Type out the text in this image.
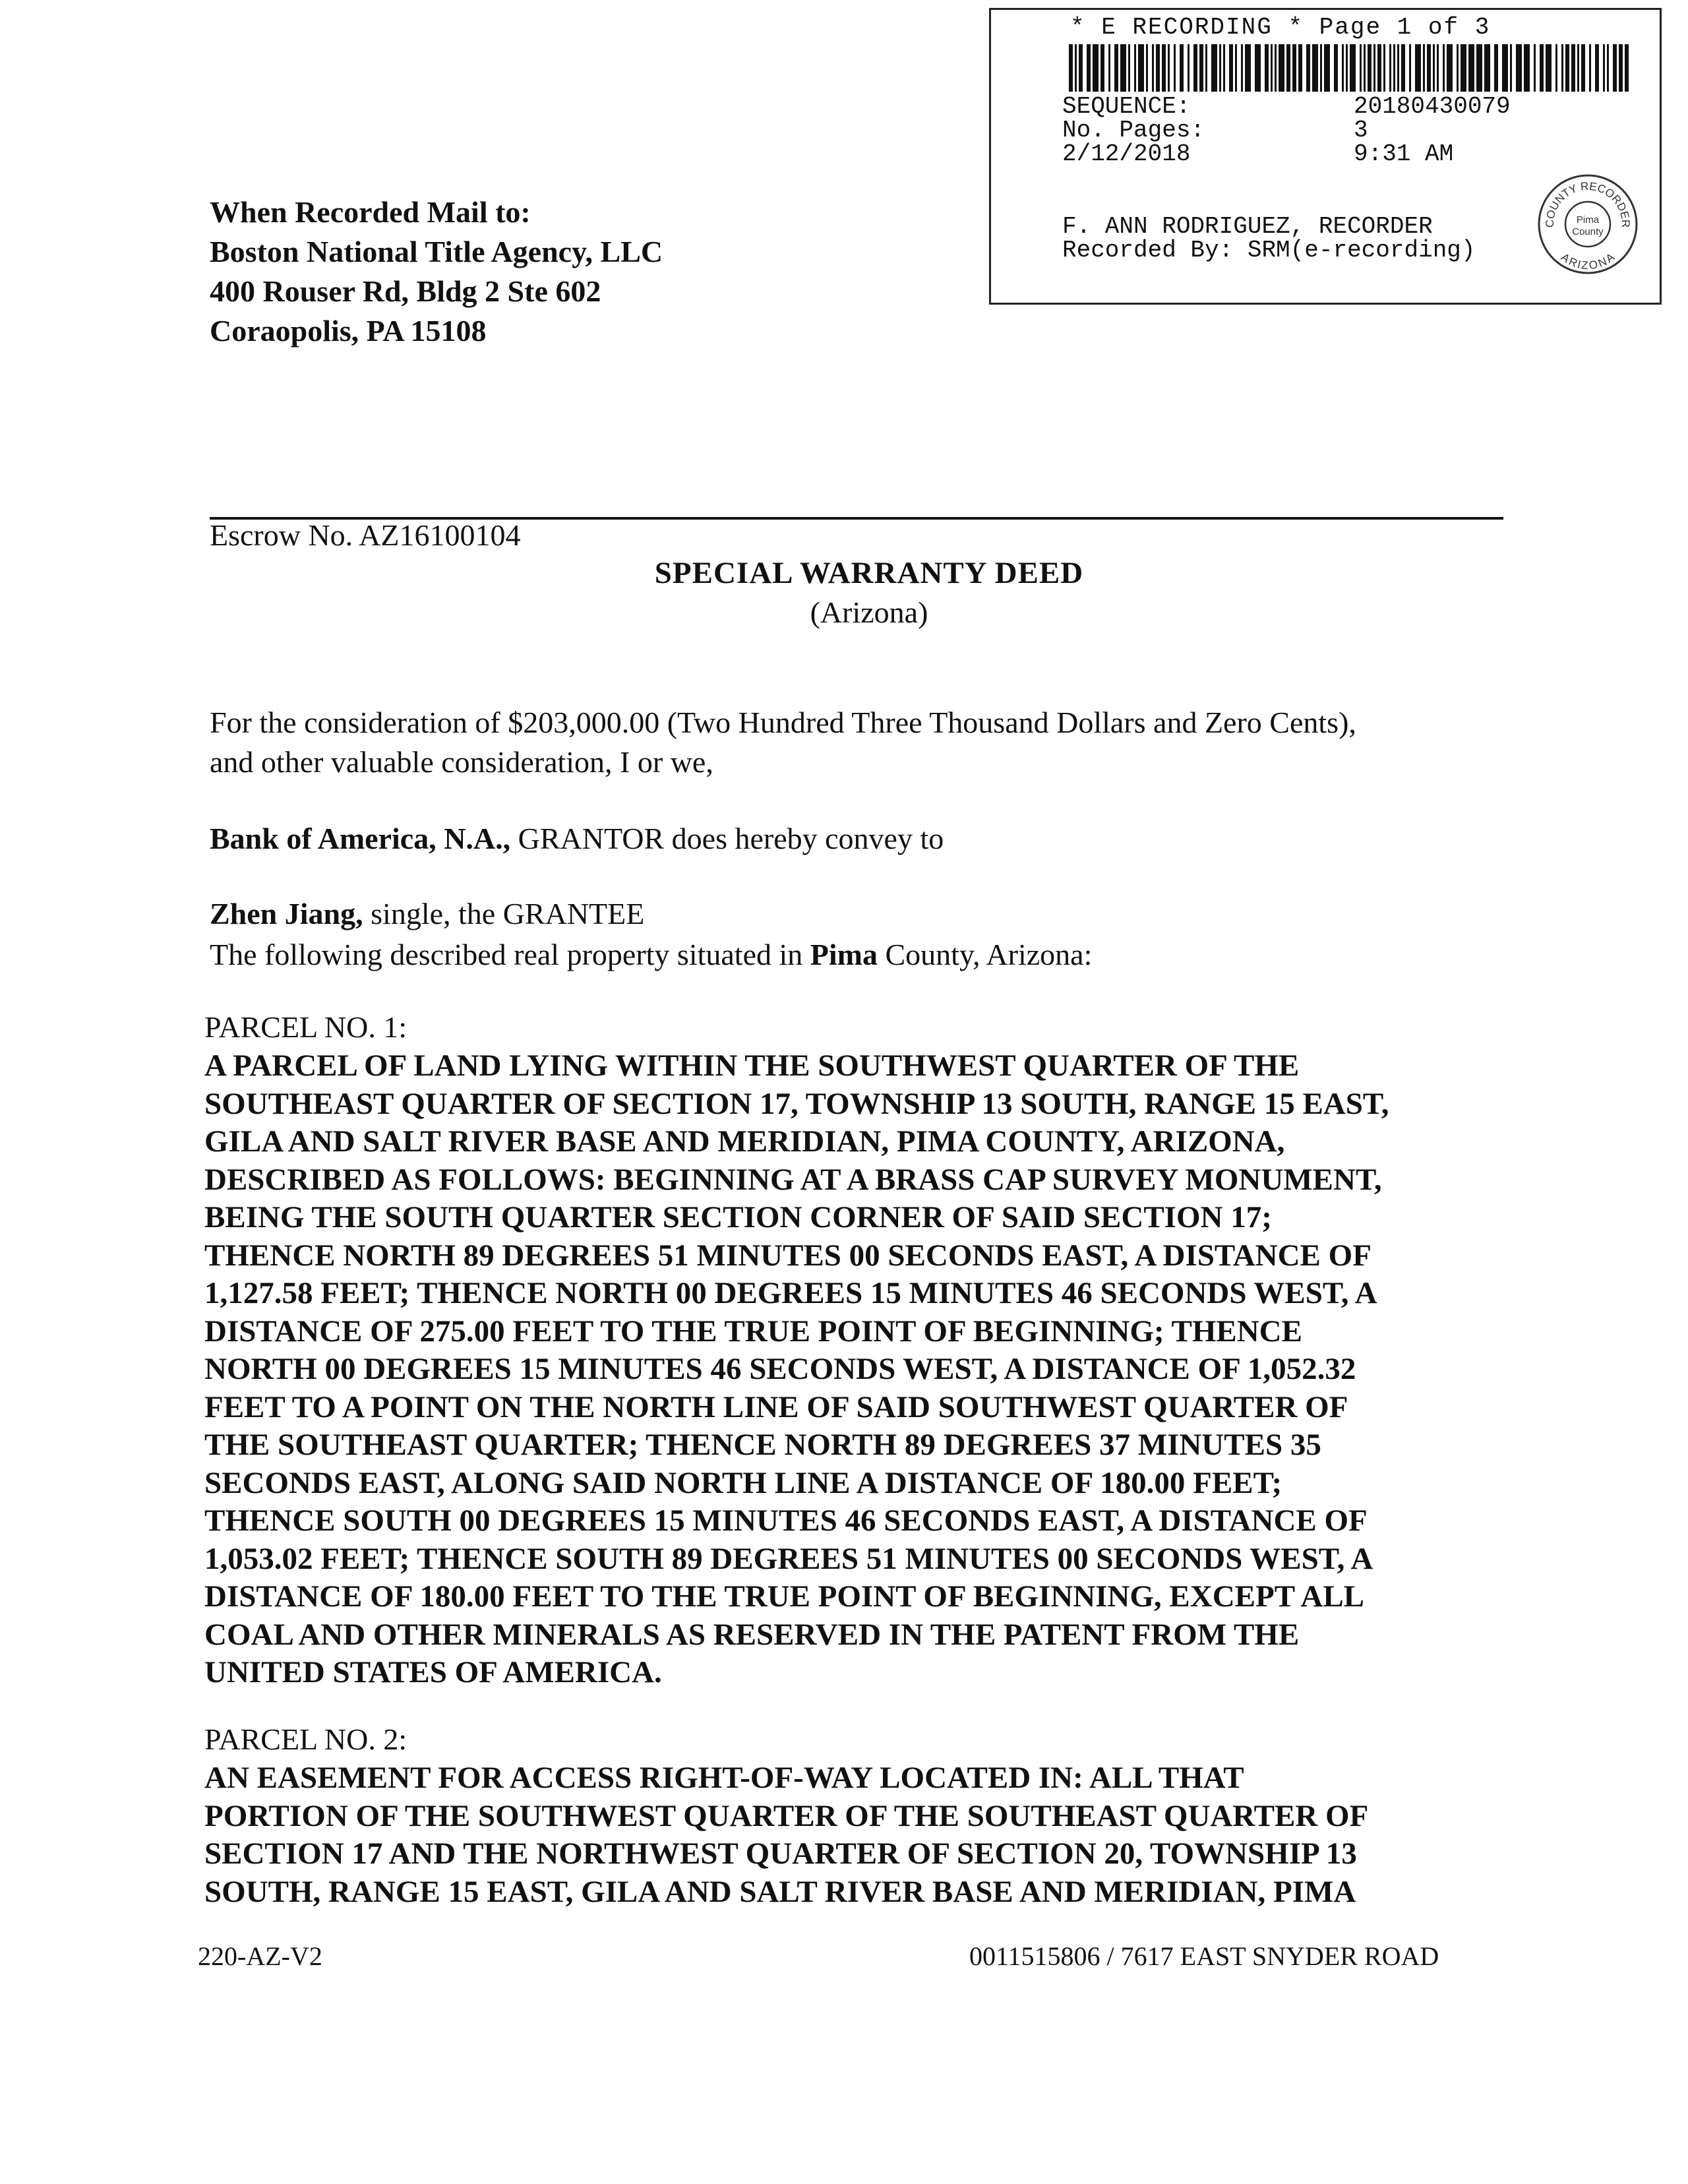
* E RECORDING * Page 1 of 3
SEQUENCE:	20180430079
No. Pages:	3
2/12/2018	9:31 AM
F. ANN RODRIGUEZ, RECORDER
Recorded By: SRM(e-recording)
COUNTY RECORDER
ARIZONA
Pima
County
When Recorded Mail to:
Boston National Title Agency, LLC
400 Rouser Rd, Bldg 2 Ste 602
Coraopolis, PA 15108
Escrow No. AZ16100104
SPECIAL WARRANTY DEED
(Arizona)

For the consideration of $203,000.00 (Two Hundred Three Thousand Dollars and Zero Cents),

and other valuable consideration, I or we,

Bank of America, N.A., GRANTOR does hereby convey to
Zhen Jiang, single, the GRANTEE
The following described real property situated in Pima County, Arizona:
PARCEL NO. 1:
A PARCEL OF LAND LYING WITHIN THE SOUTHWEST QUARTER OF THE
SOUTHEAST QUARTER OF SECTION 17, TOWNSHIP 13 SOUTH, RANGE 15 EAST,
GILA AND SALT RIVER BASE AND MERIDIAN, PIMA COUNTY, ARIZONA,
DESCRIBED AS FOLLOWS: BEGINNING AT A BRASS CAP SURVEY MONUMENT,
BEING THE SOUTH QUARTER SECTION CORNER OF SAID SECTION 17;
THENCE NORTH 89 DEGREES 51 MINUTES 00 SECONDS EAST, A DISTANCE OF
1,127.58 FEET; THENCE NORTH 00 DEGREES 15 MINUTES 46 SECONDS WEST, A
DISTANCE OF 275.00 FEET TO THE TRUE POINT OF BEGINNING; THENCE
NORTH 00 DEGREES 15 MINUTES 46 SECONDS WEST, A DISTANCE OF 1,052.32
FEET TO A POINT ON THE NORTH LINE OF SAID SOUTHWEST QUARTER OF
THE SOUTHEAST QUARTER; THENCE NORTH 89 DEGREES 37 MINUTES 35
SECONDS EAST, ALONG SAID NORTH LINE A DISTANCE OF 180.00 FEET;
THENCE SOUTH 00 DEGREES 15 MINUTES 46 SECONDS EAST, A DISTANCE OF
1,053.02 FEET; THENCE SOUTH 89 DEGREES 51 MINUTES 00 SECONDS WEST, A
DISTANCE OF 180.00 FEET TO THE TRUE POINT OF BEGINNING, EXCEPT ALL
COAL AND OTHER MINERALS AS RESERVED IN THE PATENT FROM THE
UNITED STATES OF AMERICA.
PARCEL NO. 2:
AN EASEMENT FOR ACCESS RIGHT-OF-WAY LOCATED IN: ALL THAT
PORTION OF THE SOUTHWEST QUARTER OF THE SOUTHEAST QUARTER OF
SECTION 17 AND THE NORTHWEST QUARTER OF SECTION 20, TOWNSHIP 13
SOUTH, RANGE 15 EAST, GILA AND SALT RIVER BASE AND MERIDIAN, PIMA
220-AZ-V2	0011515806 / 7617 EAST SNYDER ROAD
